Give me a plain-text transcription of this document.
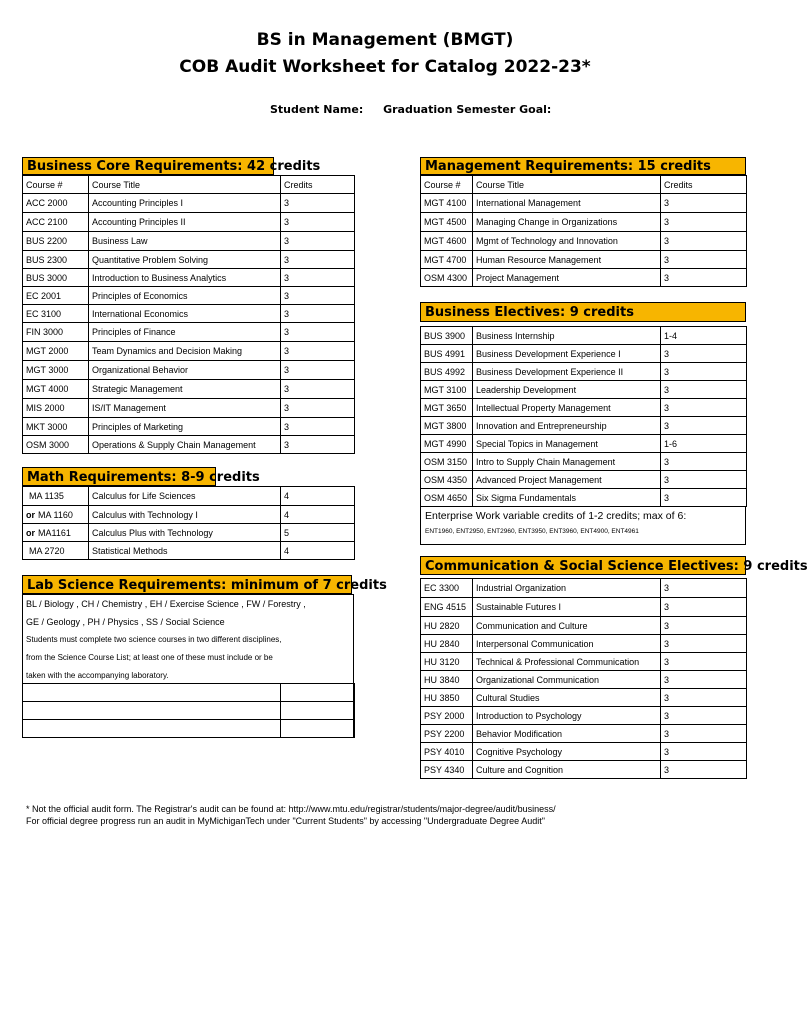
BS in Management (BMGT)
COB Audit Worksheet for Catalog 2022-23*
Student Name: Graduation Semester Goal:
Business Core Requirements: 42 credits
Course #	Course Title	Credits
ACC 2000	Accounting Principles I	3
ACC 2100	Accounting Principles II	3
BUS 2200	Business Law	3
BUS 2300	Quantitative Problem Solving	3
BUS 3000	Introduction to Business Analytics	3
EC 2001	Principles of Economics	3
EC 3100	International Economics	3
FIN 3000	Principles of Finance	3
MGT 2000	Team Dynamics and Decision Making	3
MGT 3000	Organizational Behavior	3
MGT 4000	Strategic Management	3
MIS 2000	IS/IT Management	3
MKT 3000	Principles of Marketing	3
OSM 3000	Operations & Supply Chain Management	3
Management Requirements: 15 credits
Course #	Course Title	Credits
MGT 4100	International Management	3
MGT 4500	Managing Change in Organizations	3
MGT 4600	Mgmt of Technology and Innovation	3
MGT 4700	Human Resource Management	3
OSM 4300	Project Management	3
Business Electives: 9 credits
BUS 3900	Business Internship	1-4
BUS 4991	Business Development Experience I	3
BUS 4992	Business Development Experience II	3
MGT 3100	Leadership Development	3
MGT 3650	Intellectual Property Management	3
MGT 3800	Innovation and Entrepreneurship	3
MGT 4990	Special Topics in Management	1-6
OSM 3150	Intro to Supply Chain Management	3
OSM 4350	Advanced Project Management	3
OSM 4650	Six Sigma Fundamentals	3
Enterprise Work variable credits of 1-2 credits; max of 6:
ENT1960, ENT2950, ENT2960, ENT3950, ENT3960, ENT4900, ENT4961
Math Requirements: 8-9 credits
MA 1135	Calculus for Life Sciences	4
or MA 1160	Calculus with Technology I	4
or MA1161	Calculus Plus with Technology	5
MA 2720	Statistical Methods	4
Lab Science Requirements: minimum of 7 credits
BL / Biology , CH / Chemistry , EH / Exercise Science , FW / Forestry ,
GE / Geology , PH / Physics , SS / Social Science
Students must complete two science courses in two different disciplines,
from the Science Course List; at least one of these must include or be
taken with the accompanying laboratory.

Communication & Social Science Electives: 9 credits
EC 3300	Industrial Organization	3
ENG 4515	Sustainable Futures I	3
HU 2820	Communication and Culture	3
HU 2840	Interpersonal Communication	3
HU 3120	Technical & Professional Communication	3
HU 3840	Organizational Communication	3
HU 3850	Cultural Studies	3
PSY 2000	Introduction to Psychology	3
PSY 2200	Behavior Modification	3
PSY 4010	Cognitive Psychology	3
PSY 4340	Culture and Cognition	3
* Not the official audit form. The Registrar's audit can be found at: http://www.mtu.edu/registrar/students/major-degree/audit/business/
For official degree progress run an audit in MyMichiganTech under "Current Students" by accessing "Undergraduate Degree Audit"
